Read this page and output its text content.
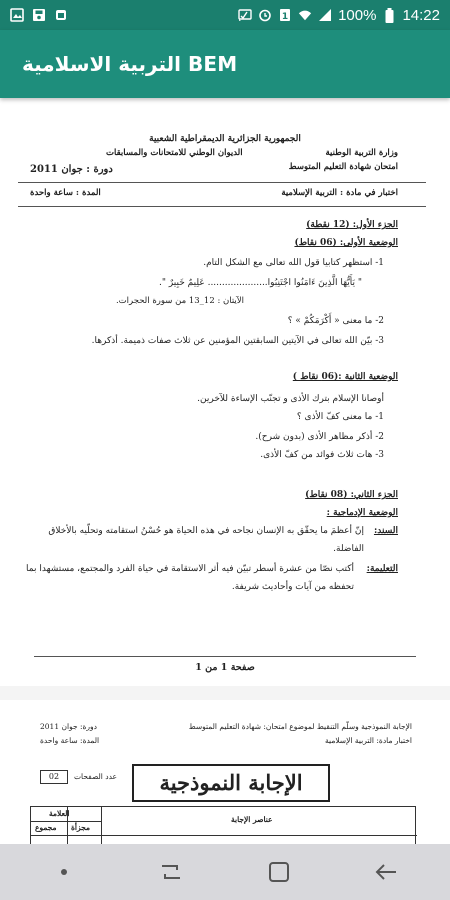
1	100% 14:22
التربية الاسلامية BEM
الجمهورية الجزائرية الديمقراطية الشعبية
وزارة التربية الوطنية
الديوان الوطني للامتحانات والمسابقات
امتحان شهادة التعليم المتوسط
دورة : جوان 2011
اختبار في مادة : التربية الإسلامية
المدة : ساعة واحدة
الجزء الأول: (12 نقطة)
الوضعية الأولى: (06 نقاط)
1- استظهر كتابيا قول الله تعالى مع الشكل التام.
" يَأَيُّهَا الَّذِينَ ءَامَنُوا اجْتَنِبُوا..................... عَلِيمٌ خَبِيرٌ ".
الآيتان : 12_13 من سورة الحجرات.
2- ما معنى « أَكْرَمَكُمْ » ؟
3- بيّن الله تعالى في الآيتين السابقتين المؤمنين عن ثلاث صفات ذميمة. أذكرها.
الوضعية الثانية :(06 نقاط )
أوصانا الإسلام بترك الأذى و تجنّب الإساءة للآخرين.
1- ما معنى كفّ الأذى ؟
2- أذكر مظاهر الأذى (بدون شرح).
3- هات ثلاث فوائد من كفّ الأذى.
الجزء الثاني: (08 نقاط)
الوضعية الإدماجية :
السند:
إنّ أعظمَ ما يحقّق به الإنسان نجاحه في هذه الحياة هو حُسْنُ استقامته وتحلّيه بالأخلاق الفاضلة.
التعليمة:
أكتب نصّا من عشرة أسطر تبيّن فيه أثر الاستقامة في حياة الفرد والمجتمع، مستشهدا بما تحفظه من آيات وأحاديث شريفة.
صفحة 1 من 1
الإجابة النموذجية وسلّم التنقيط لموضوع امتحان: شهادة التعليم المتوسط
اختبار مادة: التربية الإسلامية
دورة: جوان 2011
المدة: ساعة واحدة
عدد الصفحات
02	الإجابة النموذجية
العلامة
مجزأة
مجموع
عناصر الإجابة
